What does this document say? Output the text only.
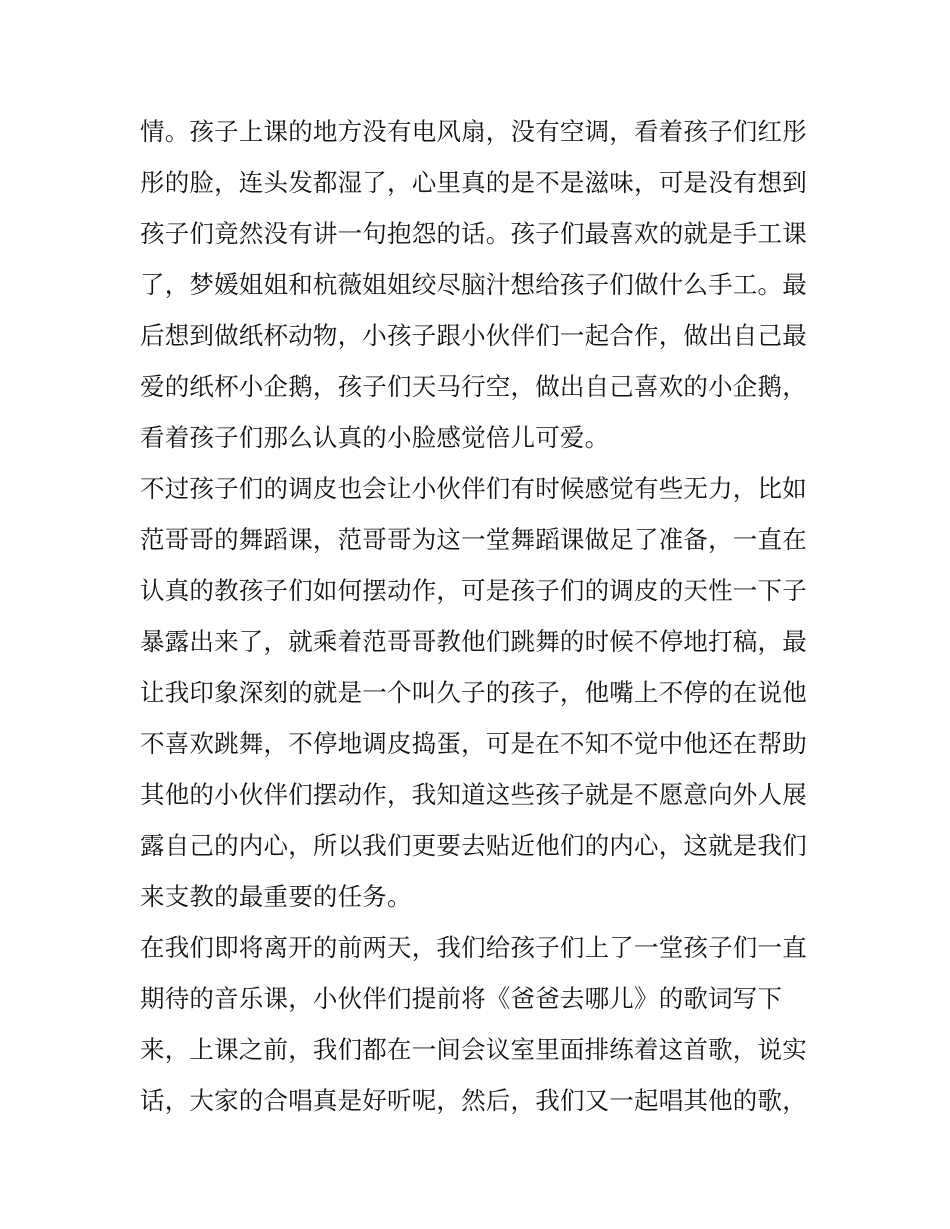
情。孩子上课的地方没有电风扇，没有空调，看着孩子们红彤
彤的脸，连头发都湿了，心里真的是不是滋味，可是没有想到
孩子们竟然没有讲一句抱怨的话。孩子们最喜欢的就是手工课
了，梦媛姐姐和杭薇姐姐绞尽脑汁想给孩子们做什么手工。最
后想到做纸杯动物，小孩子跟小伙伴们一起合作，做出自己最
爱的纸杯小企鹅，孩子们天马行空，做出自己喜欢的小企鹅，
看着孩子们那么认真的小脸感觉倍儿可爱。
不过孩子们的调皮也会让小伙伴们有时候感觉有些无力，比如
范哥哥的舞蹈课，范哥哥为这一堂舞蹈课做足了准备，一直在
认真的教孩子们如何摆动作，可是孩子们的调皮的天性一下子
暴露出来了，就乘着范哥哥教他们跳舞的时候不停地打稿，最
让我印象深刻的就是一个叫久子的孩子，他嘴上不停的在说他
不喜欢跳舞，不停地调皮捣蛋，可是在不知不觉中他还在帮助
其他的小伙伴们摆动作，我知道这些孩子就是不愿意向外人展
露自己的内心，所以我们更要去贴近他们的内心，这就是我们
来支教的最重要的任务。
在我们即将离开的前两天，我们给孩子们上了一堂孩子们一直
期待的音乐课，小伙伴们提前将《爸爸去哪儿》的歌词写下
来，上课之前，我们都在一间会议室里面排练着这首歌，说实
话，大家的合唱真是好听呢，然后，我们又一起唱其他的歌，
